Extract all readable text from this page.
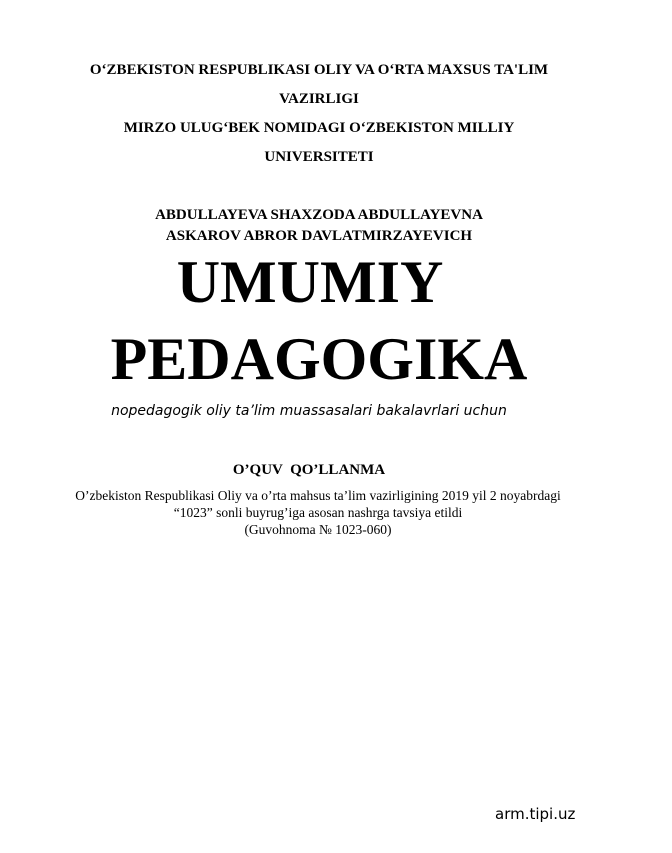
O‘ZBEKISTON RESPUBLIKASI OLIY VA O‘RTA MAXSUS TA'LIM
VAZIRLIGI
MIRZO ULUG‘BEK NOMIDAGI O‘ZBEKISTON MILLIY
UNIVERSITETI
ABDULLAYEVA SHAXZODA ABDULLAYEVNA
ASKAROV ABROR DAVLATMIRZAYEVICH
UMUMIY
PEDAGOGIKA
nopedagogik oliy ta’lim muassasalari bakalavrlari uchun
O’QUV  QO’LLANMA
O’zbekiston Respublikasi Oliy va o’rta mahsus ta’lim vazirligining 2019 yil 2 noyabrdagi
“1023” sonli buyrug’iga asosan nashrga tavsiya etildi
(Guvohnoma № 1023-060)
arm.tipi.uz
